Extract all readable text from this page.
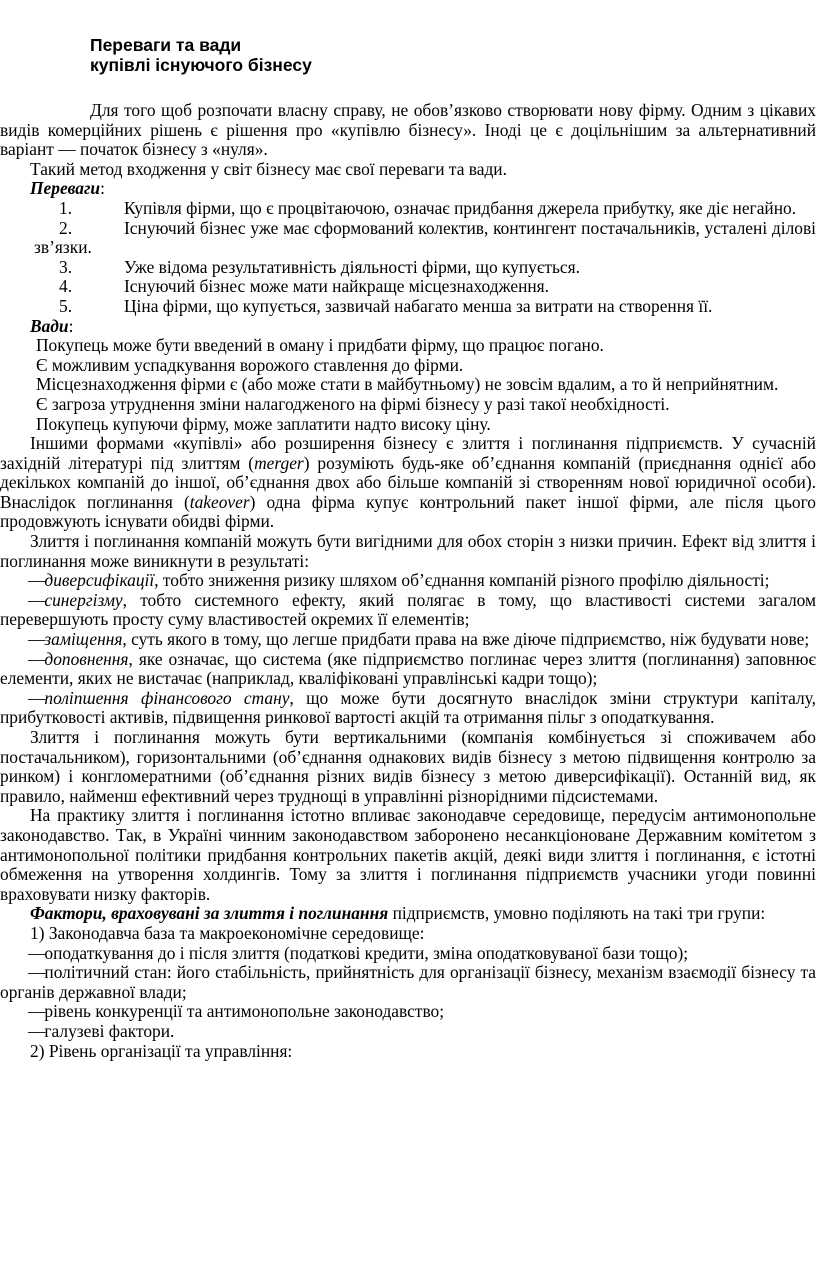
Переваги та вади
купівлі існуючого бізнесу

Для того щоб розпочати власну справу, не обов’язково створювати нову фірму. Одним з цікавих видів комерційних рішень є рішення про «купівлю бізнесу». Іноді це є доцільнішим за альтернативний варіант — початок бізнесу з «нуля».

Такий метод входження у світ бізнесу має свої переваги та вади.

Переваги:

1.	Купівля фірми, що є процвітаючою, означає придбання джерела прибутку, яке діє негайно.

2.	Існуючий бізнес уже має сформований колектив, контингент постачальників, усталені ділові зв’язки.

3.	Уже відома результативність діяльності фірми, що купується.

4.	Існуючий бізнес може мати найкраще місцезнаходження.

5.	Ціна фірми, що купується, зазвичай набагато менша за витрати на створення її.

Вади:

Покупець може бути введений в оману і придбати фірму, що працює погано.

Є можливим успадкування ворожого ставлення до фірми.

Місцезнаходження фірми є (або може стати в майбутньому) не зовсім вдалим, а то й неприйнятним.

Є загроза утруднення зміни налагодженого на фірмі бізнесу у разі такої необхідності.

Покупець купуючи фірму, може заплатити надто високу ціну.

Іншими формами «купівлі» або розширення бізнесу є злиття і поглинання підприємств. У сучасній західній літературі під злиттям (merger) розуміють будь-яке об’єднання компаній (приєднання однієї або декількох компаній до іншої, об’єднання двох або більше компаній зі створенням нової юридичної особи). Внаслідок поглинання (takeover) одна фірма купує контрольний пакет іншої фірми, але після цього продовжують існувати обидві фірми.

Злиття і поглинання компаній можуть бути вигідними для обох сторін з низки причин. Ефект від злиття і поглинання може виникнути в результаті:

—диверсифікації, тобто зниження ризику шляхом об’єднання компаній різного профілю діяльності;

—синергізму, тобто системного ефекту, який полягає в тому, що властивості системи загалом перевершують просту суму властивостей окремих її елементів;

—заміщення, суть якого в тому, що легше придбати права на вже діюче підприємство, ніж будувати нове;

—доповнення, яке означає, що система (яке підприємство поглинає через злиття (поглинання) заповнює елементи, яких не вистачає (наприклад, кваліфіковані управлінські кадри тощо);

—поліпшення фінансового стану, що може бути досягнуто внаслідок зміни структури капіталу, прибутковості активів, підвищення ринкової вартості акцій та отримання пільг з оподаткування.

Злиття і поглинання можуть бути вертикальними (компанія комбінується зі споживачем або постачальником), горизонтальними (об’єднання однакових видів бізнесу з метою підвищення контролю за ринком) і конгломератними (об’єднання різних видів бізнесу з метою диверсифікації). Останній вид, як правило, найменш ефективний через труднощі в управлінні різнорідними підсистемами.

На практику злиття і поглинання істотно впливає законодавче середовище, передусім антимонопольне законодавство. Так, в Україні чинним законодавством заборонено несанкціоноване Державним комітетом з антимонопольної політики придбання контрольних пакетів акцій, деякі види злиття і поглинання, є істотні обмеження на утворення холдингів. Тому за злиття і поглинання підприємств учасники угоди повинні враховувати низку факторів.

Фактори, враховувані за злиття і поглинання підприємств, умовно поділяють на такі три групи:

1) Законодавча база та макроекономічне середовище:

—оподаткування до і після злиття (податкові кредити, зміна оподатковуваної бази тощо);

—політичний стан: його стабільність, прийнятність для організації бізнесу, механізм взаємодії бізнесу та органів державної влади;

—рівень конкуренції та антимонопольне законодавство;

—галузеві фактори.

2) Рівень організації та управління:
